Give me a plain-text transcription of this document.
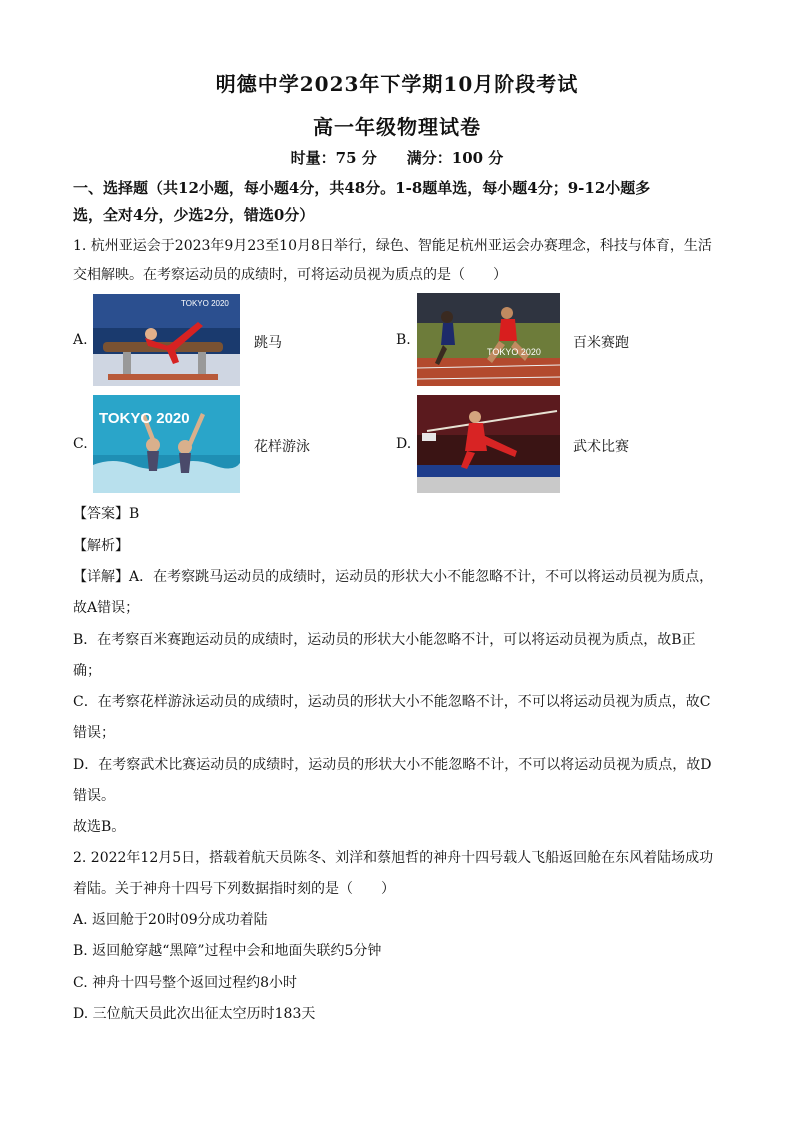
明德中学2023年下学期10月阶段考试
高一年级物理试卷
时量：75 分　　满分：100 分
一、选择题（共12小题，每小题4分，共48分。1-8题单选，每小题4分；9-12小题多
选，全对4分，少选2分，错选0分）
1. 杭州亚运会于2023年9月23至10月8日举行，绿色、智能足杭州亚运会办赛理念，科技与体育，生活
交相解映。在考察运动员的成绩时，可将运动员视为质点的是（　　）
A.
TOKYO 2020
跳马	B.
TOKYO 2020
百米赛跑
C.
TOKYO 2020
花样游泳	D.	武术比赛
【答案】B
【解析】
【详解】A．在考察跳马运动员的成绩时，运动员的形状大小不能忽略不计，不可以将运动员视为质点，
故A错误；
B．在考察百米赛跑运动员的成绩时，运动员的形状大小能忽略不计，可以将运动员视为质点，故B正
确；
C．在考察花样游泳运动员的成绩时，运动员的形状大小不能忽略不计，不可以将运动员视为质点，故C
错误；
D．在考察武术比赛运动员的成绩时，运动员的形状大小不能忽略不计，不可以将运动员视为质点，故D
错误。
故选B。
2. 2022年12月5日，搭载着航天员陈冬、刘洋和蔡旭哲的神舟十四号载人飞船返回舱在东风着陆场成功
着陆。关于神舟十四号下列数据指时刻的是（　　）
A. 返回舱于20时09分成功着陆
B. 返回舱穿越“黑障”过程中会和地面失联约5分钟
C. 神舟十四号整个返回过程约8小时
D. 三位航天员此次出征太空历时183天
